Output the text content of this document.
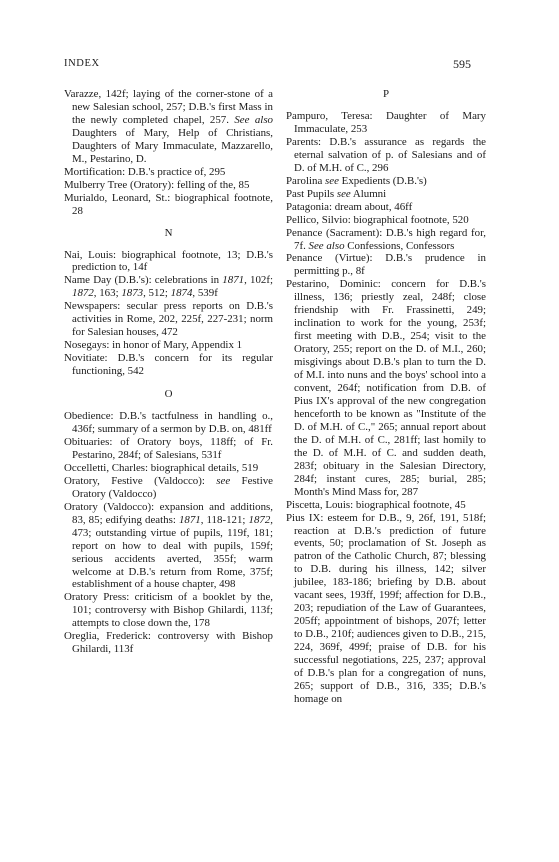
INDEX	595

Varazze, 142f; laying of the corner-stone of a new Salesian school, 257; D.B.'s first Mass in the newly completed chapel, 257. See also Daughters of Mary, Help of Christians, Daughters of Mary Immaculate, Mazzarello, M., Pestarino, D.

Mortification: D.B.'s practice of, 295

Mulberry Tree (Oratory): felling of the, 85

Murialdo, Leonard, St.: biographical footnote, 28

N

Nai, Louis: biographical footnote, 13; D.B.'s prediction to, 14f

Name Day (D.B.'s): celebrations in 1871, 102f; 1872, 163; 1873, 512; 1874, 539f

Newspapers: secular press reports on D.B.'s activities in Rome, 202, 225f, 227-231; norm for Salesian houses, 472

Nosegays: in honor of Mary, Appendix 1

Novitiate: D.B.'s concern for its regular functioning, 542

O

Obedience: D.B.'s tactfulness in handling o., 436f; summary of a sermon by D.B. on, 481ff

Obituaries: of Oratory boys, 118ff; of Fr. Pestarino, 284f; of Salesians, 531f

Occelletti, Charles: biographical details, 519

Oratory, Festive (Valdocco): see Festive Oratory (Valdocco)

Oratory (Valdocco): expansion and additions, 83, 85; edifying deaths: 1871, 118-121; 1872, 473; outstanding virtue of pupils, 119f, 181; report on how to deal with pupils, 159f; serious accidents averted, 355f; warm welcome at D.B.'s return from Rome, 375f; establishment of a house chapter, 498

Oratory Press: criticism of a booklet by the, 101; controversy with Bishop Ghilardi, 113f; attempts to close down the, 178

Oreglia, Frederick: controversy with Bishop Ghilardi, 113f

P

Pampuro, Teresa: Daughter of Mary Immaculate, 253

Parents: D.B.'s assurance as regards the eternal salvation of p. of Salesians and of D. of M.H. of C., 296

Parolina see Expedients (D.B.'s)

Past Pupils see Alumni

Patagonia: dream about, 46ff

Pellico, Silvio: biographical footnote, 520

Penance (Sacrament): D.B.'s high regard for, 7f. See also Confessions, Confessors

Penance (Virtue): D.B.'s prudence in permitting p., 8f

Pestarino, Dominic: concern for D.B.'s illness, 136; priestly zeal, 248f; close friendship with Fr. Frassinetti, 249; inclination to work for the young, 253f; first meeting with D.B., 254; visit to the Oratory, 255; report on the D. of M.I., 260; misgivings about D.B.'s plan to turn the D. of M.I. into nuns and the boys' school into a convent, 264f; notification from D.B. of Pius IX's approval of the new congregation henceforth to be known as "Institute of the D. of M.H. of C.," 265; annual report about the D. of M.H. of C., 281ff; last homily to the D. of M.H. of C. and sudden death, 283f; obituary in the Salesian Directory, 284f; instant cures, 285; burial, 285; Month's Mind Mass for, 287

Piscetta, Louis: biographical footnote, 45

Pius IX: esteem for D.B., 9, 26f, 191, 518f; reaction at D.B.'s prediction of future events, 50; proclamation of St. Joseph as patron of the Catholic Church, 87; blessing to D.B. during his illness, 142; silver jubilee, 183-186; briefing by D.B. about vacant sees, 193ff, 199f; affection for D.B., 203; repudiation of the Law of Guarantees, 205ff; appointment of bishops, 207f; letter to D.B., 210f; audiences given to D.B., 215, 224, 369f, 499f; praise of D.B. for his successful negotiations, 225, 237; approval of D.B.'s plan for a congregation of nuns, 265; support of D.B., 316, 335; D.B.'s homage on
